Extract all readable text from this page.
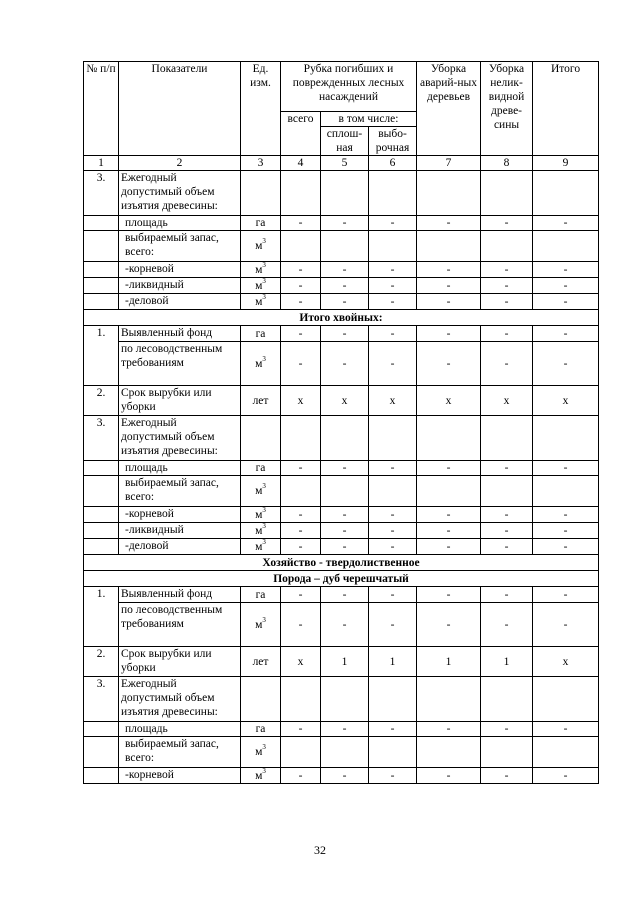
№ п/п	Показатели	Ед. изм.	Рубка погибших и поврежденных лесных насаждений			Уборка аварий-ных деревьев	Уборка нелик-видной древе-сины	Итого
			всего	в том числе:				
				сплош-ная	выбо-рочная			
1	2	3	4	5	6	7	8	9
3.	Ежегодный допустимый объем изъятия древесины:							
	площадь	га	-	-	-	-	-	-
	выбираемый запас, всего:	$м^3$						
	-корневой	$м^3$	-	-	-	-	-	-
	-ликвидный	$м^3$	-	-	-	-	-	-
	-деловой	$м^3$	-	-	-	-	-	-
Итого хвойных:								
1.	Выявленный фонд	га	-	-	-	-	-	-
	по лесоводственным требованиям	$м^3$	-	-	-	-	-	-
2.	Срок вырубки или уборки	лет	х	х	х	х	х	х
3.	Ежегодный допустимый объем изъятия древесины:							
	площадь	га	-	-	-	-	-	-
	выбираемый запас, всего:	$м^3$						
	-корневой	$м^3$	-	-	-	-	-	-
	-ликвидный	$м^3$	-	-	-	-	-	-
	-деловой	$м^3$	-	-	-	-	-	-
Хозяйство - твердолиственное								
Порода – дуб черешчатый								
1.	Выявленный фонд	га	-	-	-	-	-	-
	по лесоводственным требованиям	$м^3$	-	-	-	-	-	-
2.	Срок вырубки или уборки	лет	х	1	1	1	1	х
3.	Ежегодный допустимый объем изъятия древесины:							
	площадь	га	-	-	-	-	-	-
	выбираемый запас, всего:	$м^3$						
	-корневой	$м^3$	-	-	-	-	-	-
32
